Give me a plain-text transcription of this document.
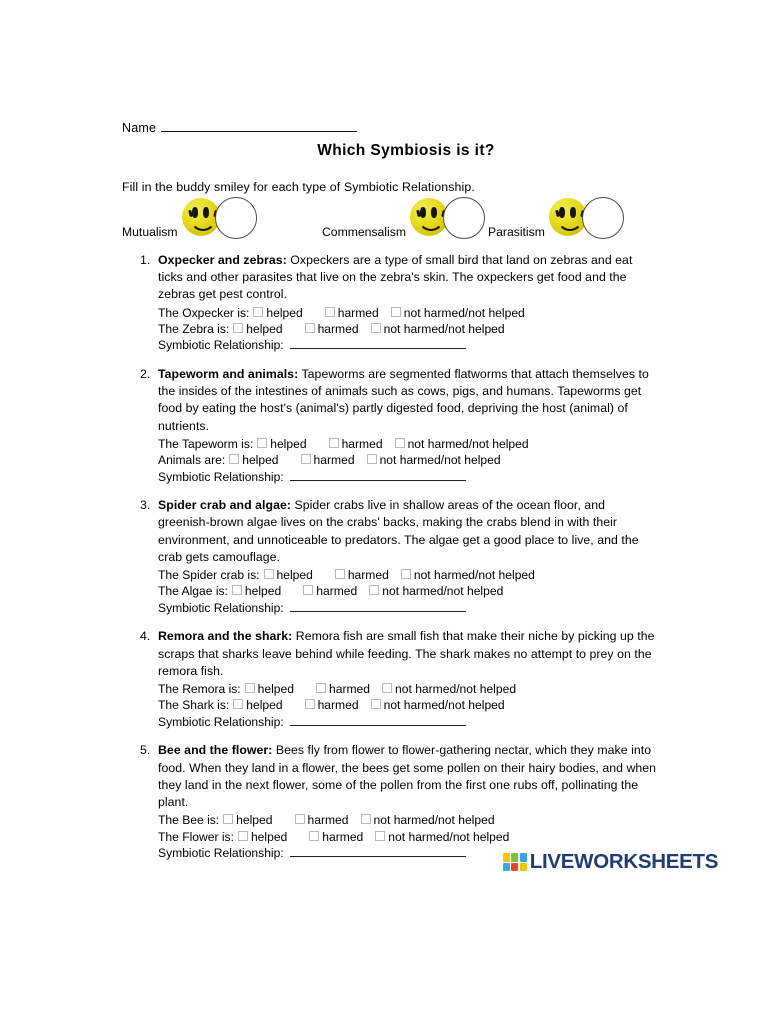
Name
Which Symbiosis is it?
Fill in the buddy smiley for each type of Symbiotic Relationship.
Mutualism	Commensalism	Parasitism
1. Oxpecker and zebras: Oxpeckers are a type of small bird that land on zebras and eat ticks and other parasites that live on the zebra's skin. The oxpeckers get food and the zebras get pest control.
The Oxpecker is: helped	harmed not harmed/not helped
The Zebra is: helped	harmed not harmed/not helped
Symbiotic Relationship:
2. Tapeworm and animals: Tapeworms are segmented flatworms that attach themselves to the insides of the intestines of animals such as cows, pigs, and humans. Tapeworms get food by eating the host's (animal's) partly digested food, depriving the host (animal) of nutrients.
The Tapeworm is: helped	harmed not harmed/not helped
Animals are: helped	harmed not harmed/not helped
Symbiotic Relationship:
3. Spider crab and algae: Spider crabs live in shallow areas of the ocean floor, and greenish-brown algae lives on the crabs' backs, making the crabs blend in with their environment, and unnoticeable to predators. The algae get a good place to live, and the crab gets camouflage.
The Spider crab is: helped	harmed not harmed/not helped
The Algae is: helped	harmed not harmed/not helped
Symbiotic Relationship:
4. Remora and the shark: Remora fish are small fish that make their niche by picking up the scraps that sharks leave behind while feeding. The shark makes no attempt to prey on the remora fish.
The Remora is: helped	harmed not harmed/not helped
The Shark is: helped	harmed not harmed/not helped
Symbiotic Relationship:
5. Bee and the flower: Bees fly from flower to flower-gathering nectar, which they make into food. When they land in a flower, the bees get some pollen on their hairy bodies, and when they land in the next flower, some of the pollen from the first one rubs off, pollinating the plant.
The Bee is: helped	harmed not harmed/not helped
The Flower is: helped	harmed not harmed/not helped
Symbiotic Relationship:	LIVEWORKSHEETS
